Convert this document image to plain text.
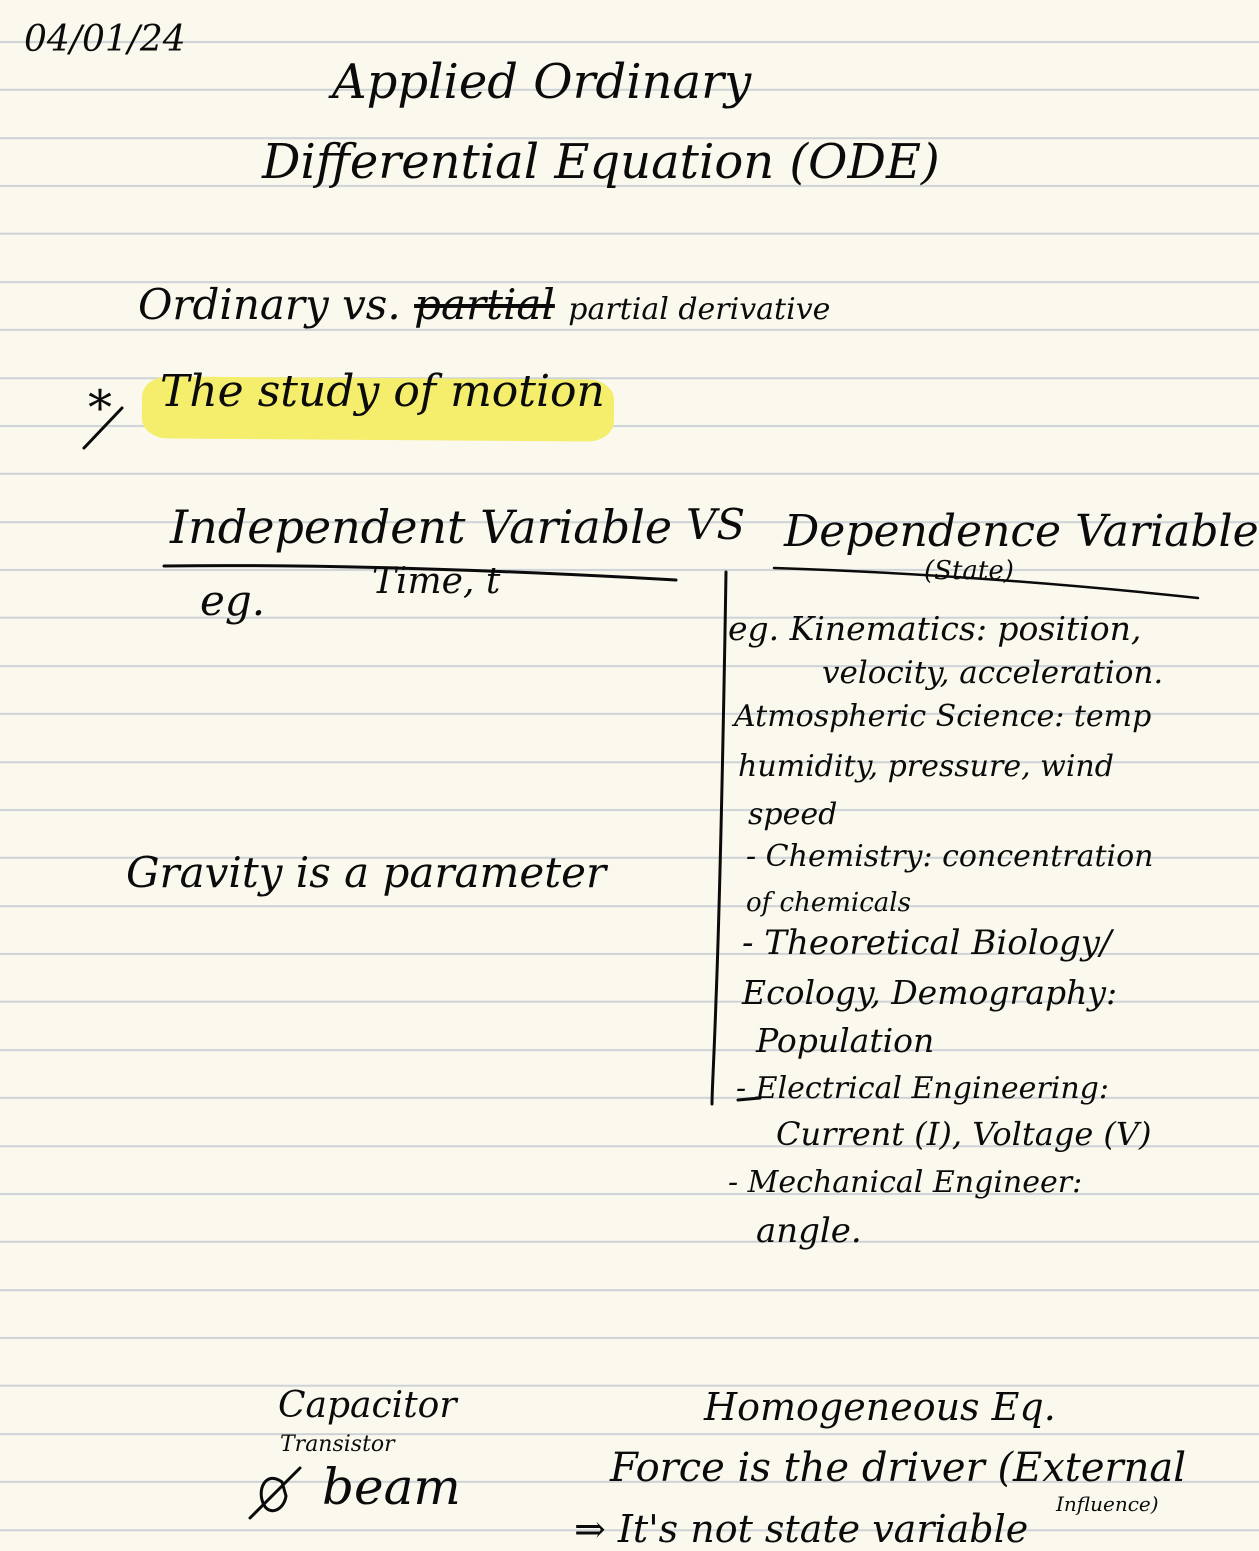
04/01/24
Applied Ordinary
Differential Equation (ODE)
Ordinary vs. partial partial derivative
* The study of motion
Independent Variable VS Dependence Variable
(State)
eg.	Time, t
eg. Kinematics: position,
velocity, acceleration.
Atmospheric Science: temp
humidity, pressure, wind
speed
- Chemistry: concentration
of chemicals
- Theoretical Biology/
Ecology, Demography:
Population
- Electrical Engineering:
Current (I), Voltage (V)
- Mechanical Engineer:
angle.
Gravity is a parameter
Capacitor
Transistor
beam
Homogeneous Eq.
Force is the driver (External
Influence)
⇒ It's not state variable
